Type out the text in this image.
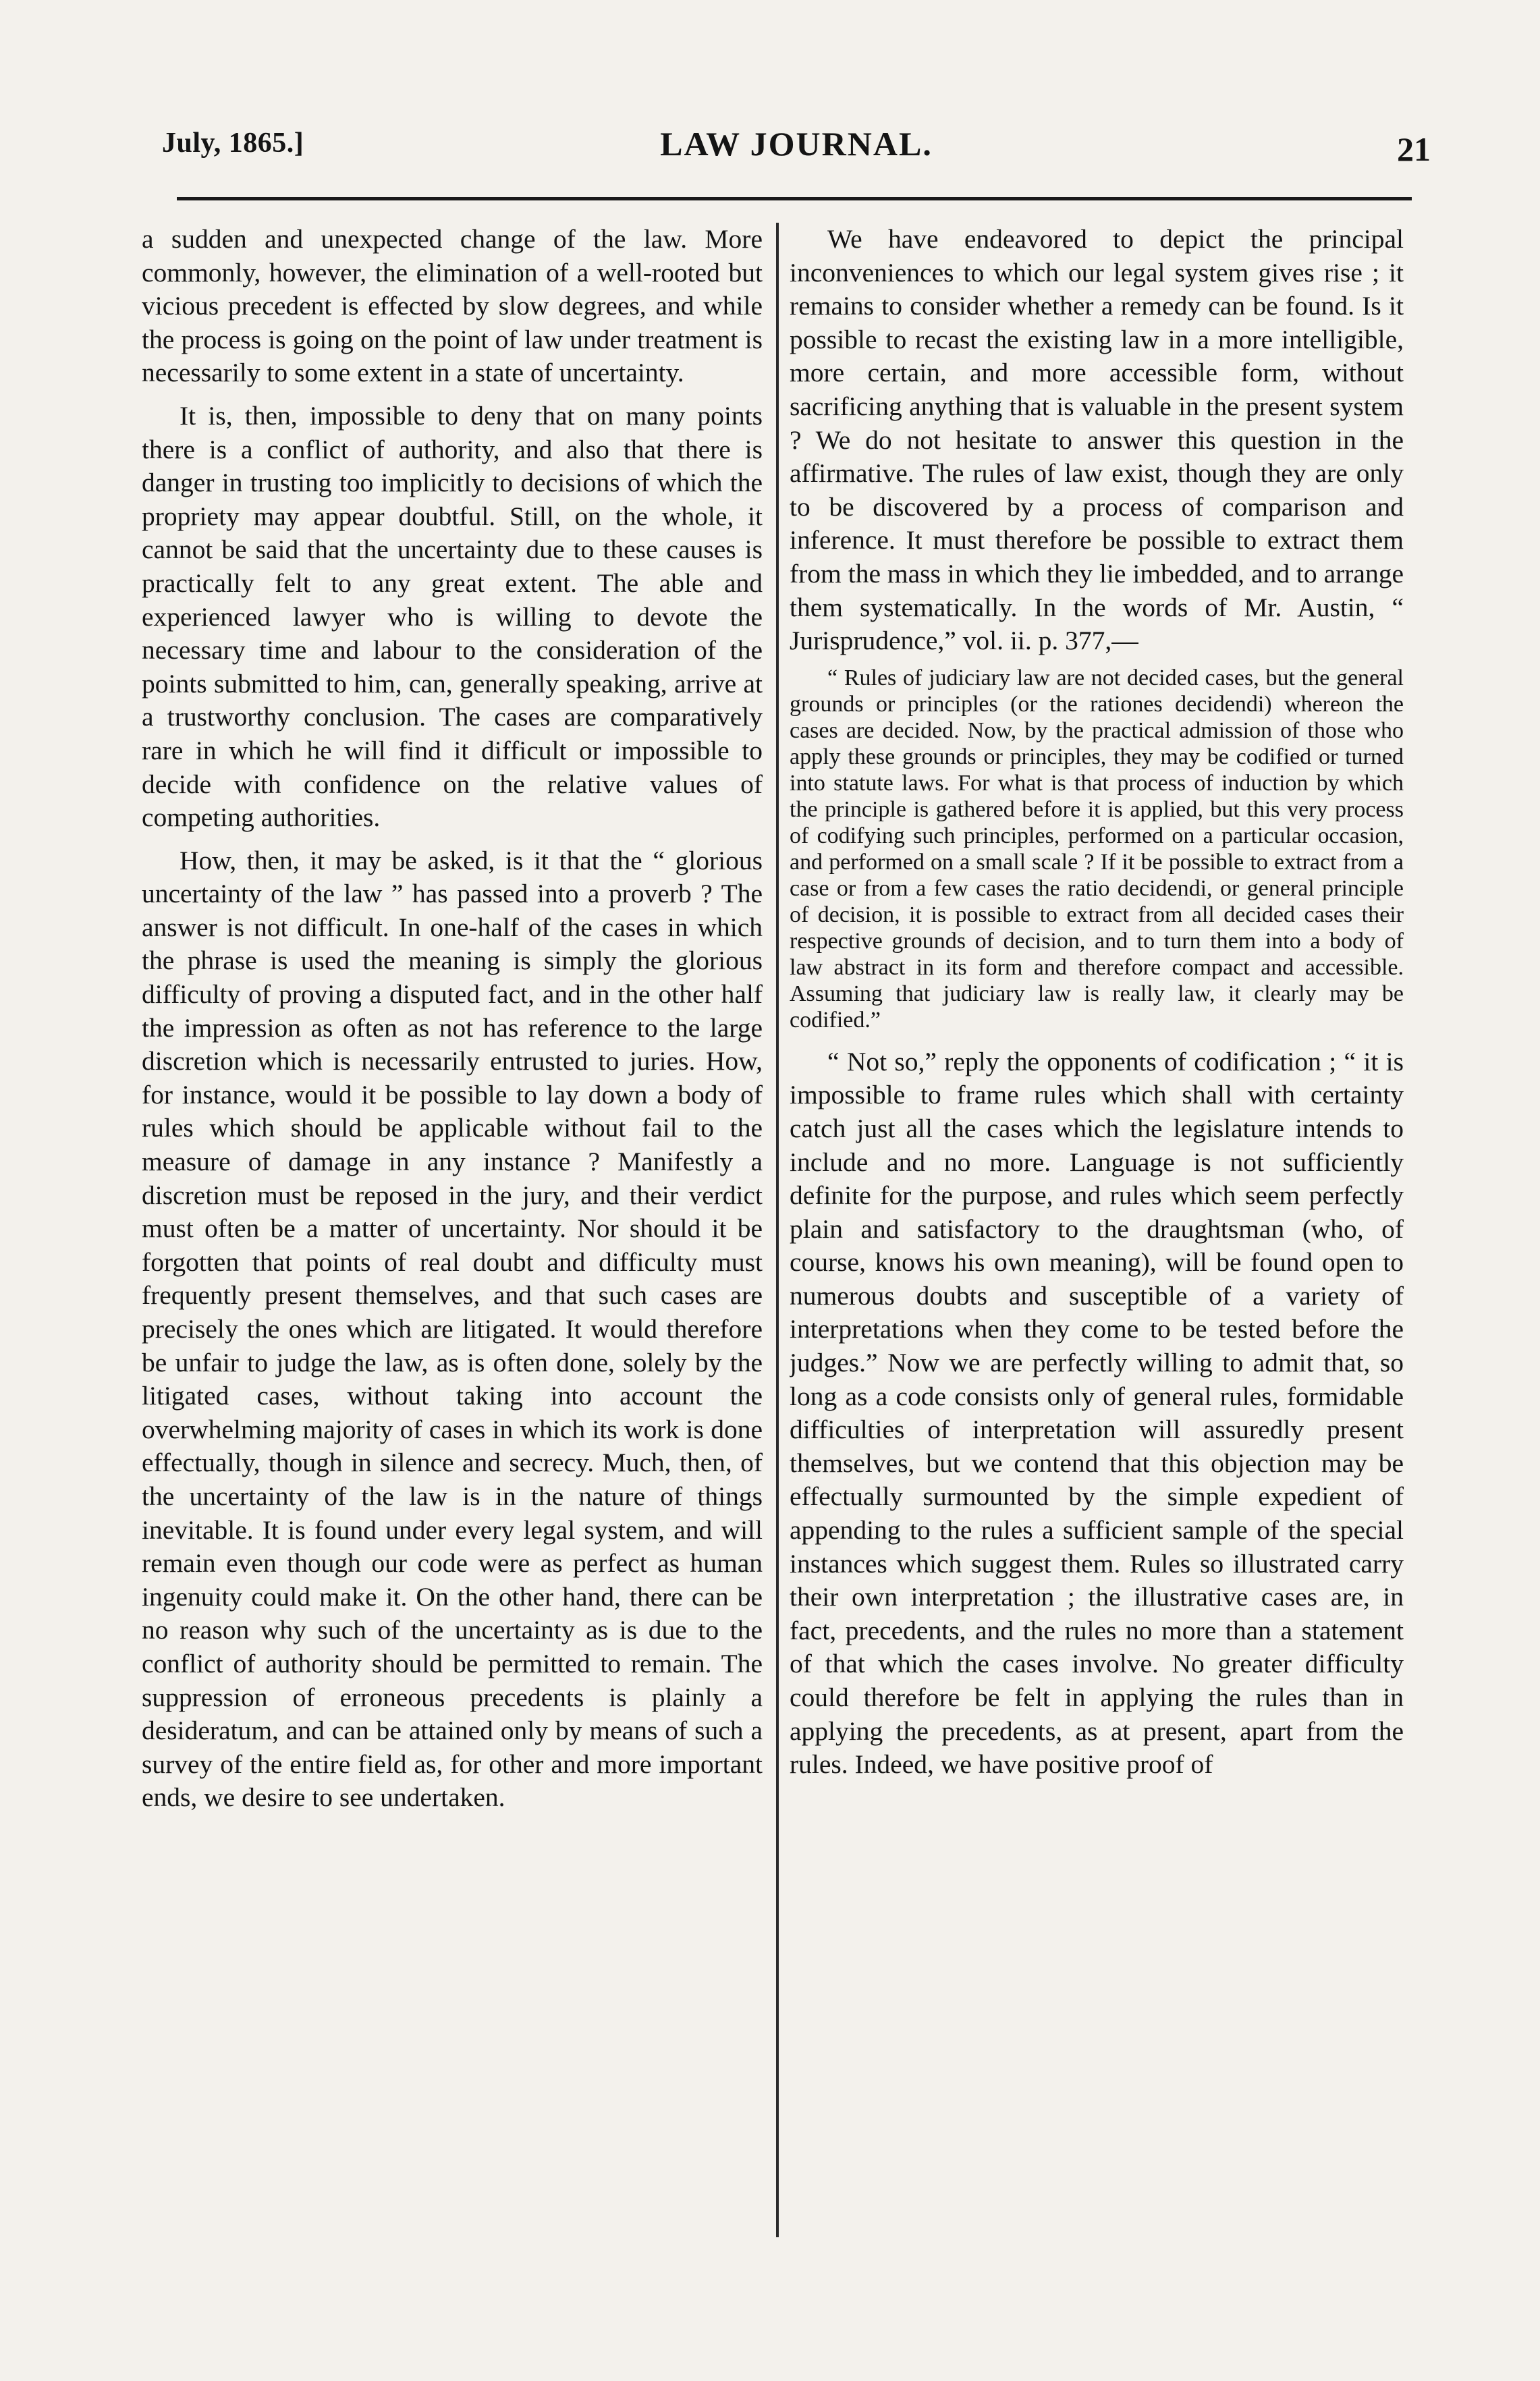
July, 1865.]	LAW JOURNAL.	21

a sudden and unexpected change of the law. More commonly, however, the elimination of a well-rooted but vicious precedent is effected by slow degrees, and while the process is going on the point of law under treatment is necessarily to some extent in a state of uncertainty.

It is, then, impossible to deny that on many points there is a conflict of authority, and also that there is danger in trusting too implicitly to decisions of which the propriety may appear doubtful. Still, on the whole, it cannot be said that the uncertainty due to these causes is practically felt to any great extent. The able and experienced lawyer who is willing to devote the necessary time and labour to the consideration of the points submitted to him, can, generally speaking, arrive at a trustworthy conclusion. The cases are comparatively rare in which he will find it difficult or impossible to decide with confidence on the relative values of competing authorities.

How, then, it may be asked, is it that the “ glorious uncertainty of the law ” has passed into a proverb ? The answer is not difficult. In one-half of the cases in which the phrase is used the meaning is simply the glorious difficulty of proving a disputed fact, and in the other half the impression as often as not has reference to the large discretion which is necessarily entrusted to juries. How, for instance, would it be possible to lay down a body of rules which should be applicable without fail to the measure of damage in any instance ? Manifestly a discretion must be reposed in the jury, and their verdict must often be a matter of uncertainty. Nor should it be forgotten that points of real doubt and difficulty must frequently present themselves, and that such cases are precisely the ones which are litigated. It would therefore be unfair to judge the law, as is often done, solely by the litigated cases, without taking into account the overwhelming majority of cases in which its work is done effectually, though in silence and secrecy. Much, then, of the uncertainty of the law is in the nature of things inevitable. It is found under every legal system, and will remain even though our code were as perfect as human ingenuity could make it. On the other hand, there can be no reason why such of the uncertainty as is due to the conflict of authority should be permitted to remain. The suppression of erroneous precedents is plainly a desideratum, and can be attained only by means of such a survey of the entire field as, for other and more important ends, we desire to see undertaken.

We have endeavored to depict the principal inconveniences to which our legal system gives rise ; it remains to consider whether a remedy can be found. Is it possible to recast the existing law in a more intelligible, more certain, and more accessible form, without sacrificing anything that is valuable in the present system ? We do not hesitate to answer this question in the affirmative. The rules of law exist, though they are only to be discovered by a process of comparison and inference. It must therefore be possible to extract them from the mass in which they lie imbedded, and to arrange them systematically. In the words of Mr. Austin, “ Jurisprudence,” vol. ii. p. 377,—

“ Rules of judiciary law are not decided cases, but the general grounds or principles (or the rationes decidendi) whereon the cases are decided. Now, by the practical admission of those who apply these grounds or principles, they may be codified or turned into statute laws. For what is that process of induction by which the principle is gathered before it is applied, but this very process of codifying such principles, performed on a particular occasion, and performed on a small scale ? If it be possible to extract from a case or from a few cases the ratio decidendi, or general principle of decision, it is possible to extract from all decided cases their respective grounds of decision, and to turn them into a body of law abstract in its form and therefore compact and accessible. Assuming that judiciary law is really law, it clearly may be codified.”

“ Not so,” reply the opponents of codification ; “ it is impossible to frame rules which shall with certainty catch just all the cases which the legislature intends to include and no more. Language is not sufficiently definite for the purpose, and rules which seem perfectly plain and satisfactory to the draughtsman (who, of course, knows his own meaning), will be found open to numerous doubts and susceptible of a variety of interpretations when they come to be tested before the judges.” Now we are perfectly willing to admit that, so long as a code consists only of general rules, formidable difficulties of interpretation will assuredly present themselves, but we contend that this objection may be effectually surmounted by the simple expedient of appending to the rules a sufficient sample of the special instances which suggest them. Rules so illustrated carry their own interpretation ; the illustrative cases are, in fact, precedents, and the rules no more than a statement of that which the cases involve. No greater difficulty could therefore be felt in applying the rules than in applying the precedents, as at present, apart from the rules. Indeed, we have positive proof of
